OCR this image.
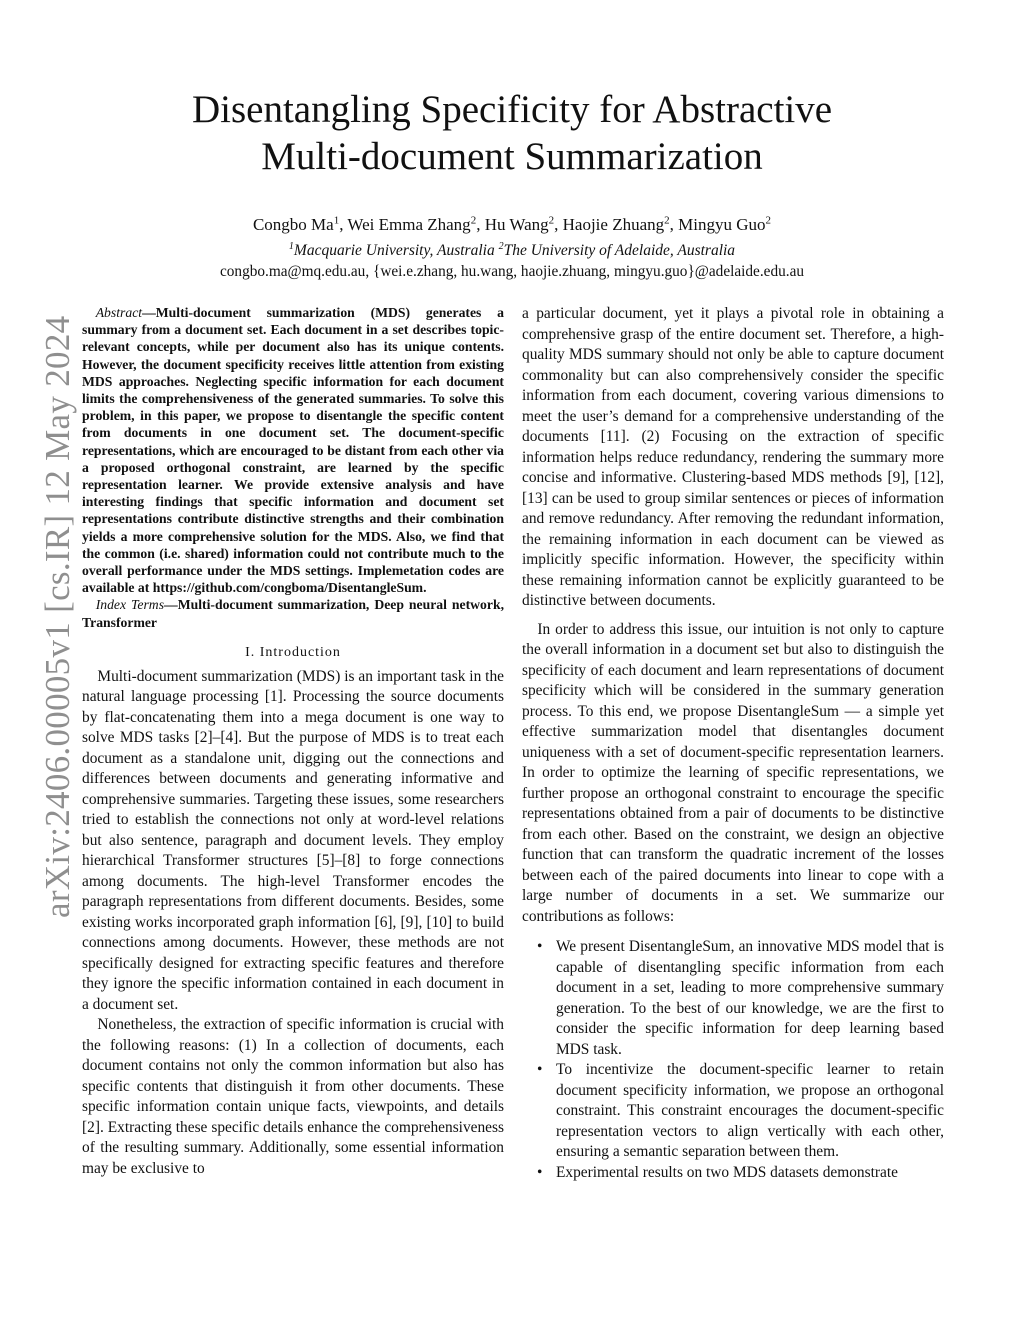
arXiv:2406.00005v1 [cs.IR] 12 May 2024
Disentangling Specificity for Abstractive
Multi-document Summarization
Congbo Ma$^1$, Wei Emma Zhang$^2$, Hu Wang$^2$, Haojie Zhuang$^2$, Mingyu Guo$^2$
$^1$Macquarie University, Australia $^2$The University of Adelaide, Australia
congbo.ma@mq.edu.au, {wei.e.zhang, hu.wang, haojie.zhuang, mingyu.guo}@adelaide.edu.au

Abstract—Multi-document summarization (MDS) generates a summary from a document set. Each document in a set describes topic-relevant concepts, while per document also has its unique contents. However, the document specificity receives little attention from existing MDS approaches. Neglecting specific information for each document limits the comprehensiveness of the generated summaries. To solve this problem, in this paper, we propose to disentangle the specific content from documents in one document set. The document-specific representations, which are encouraged to be distant from each other via a proposed orthogonal constraint, are learned by the specific representation learner. We provide extensive analysis and have interesting findings that specific information and document set representations contribute distinctive strengths and their combination yields a more comprehensive solution for the MDS. Also, we find that the common (i.e. shared) information could not contribute much to the overall performance under the MDS settings. Implemetation codes are available at https://github.com/congboma/DisentangleSum.

Index Terms—Multi-document summarization, Deep neural network, Transformer

I. Introduction

Multi-document summarization (MDS) is an important task in the natural language processing [1]. Processing the source documents by flat-concatenating them into a mega document is one way to solve MDS tasks [2]–[4]. But the purpose of MDS is to treat each document as a standalone unit, digging out the connections and differences between documents and generating informative and comprehensive summaries. Targeting these issues, some researchers tried to establish the connections not only at word-level relations but also sentence, paragraph and document levels. They employ hierarchical Transformer structures [5]–[8] to forge connections among documents. The high-level Transformer encodes the paragraph representations from different documents. Besides, some existing works incorporated graph information [6], [9], [10] to build connections among documents. However, these methods are not specifically designed for extracting specific features and therefore they ignore the specific information contained in each document in a document set.

Nonetheless, the extraction of specific information is crucial with the following reasons: (1) In a collection of documents, each document contains not only the common information but also has specific contents that distinguish it from other documents. These specific information contain unique facts, viewpoints, and details [2]. Extracting these specific details enhance the comprehensiveness of the resulting summary. Additionally, some essential information may be exclusive to

a particular document, yet it plays a pivotal role in obtaining a comprehensive grasp of the entire document set. Therefore, a high-quality MDS summary should not only be able to capture document commonality but can also comprehensively consider the specific information from each document, covering various dimensions to meet the user’s demand for a comprehensive understanding of the documents [11]. (2) Focusing on the extraction of specific information helps reduce redundancy, rendering the summary more concise and informative. Clustering-based MDS methods [9], [12], [13] can be used to group similar sentences or pieces of information and remove redundancy. After removing the redundant information, the remaining information in each document can be viewed as implicitly specific information. However, the specificity within these remaining information cannot be explicitly guaranteed to be distinctive between documents.

In order to address this issue, our intuition is not only to capture the overall information in a document set but also to distinguish the specificity of each document and learn representations of document specificity which will be considered in the summary generation process. To this end, we propose DisentangleSum — a simple yet effective summarization model that disentangles document uniqueness with a set of document-specific representation learners. In order to optimize the learning of specific representations, we further propose an orthogonal constraint to encourage the specific representations obtained from a pair of documents to be distinctive from each other. Based on the constraint, we design an objective function that can transform the quadratic increment of the losses between each of the paired documents into linear to cope with a large number of documents in a set. We summarize our contributions as follows:

• We present DisentangleSum, an innovative MDS model that is capable of disentangling specific information from each document in a set, leading to more comprehensive summary generation. To the best of our knowledge, we are the first to consider the specific information for deep learning based MDS task.
• To incentivize the document-specific learner to retain document specificity information, we propose an orthogonal constraint. This constraint encourages the document-specific representation vectors to align vertically with each other, ensuring a semantic separation between them.
• Experimental results on two MDS datasets demonstrate
